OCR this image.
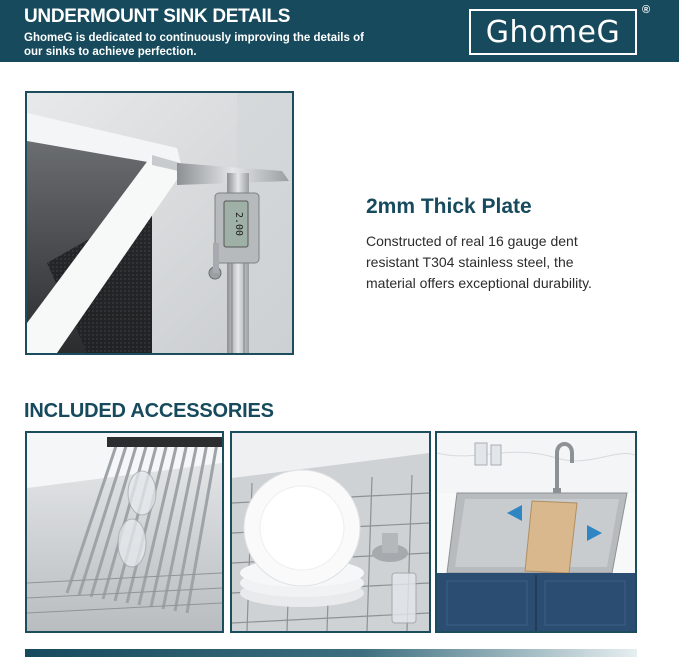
UNDERMOUNT SINK DETAILS
GhomeG is dedicated to continuously improving the details of our sinks to achieve perfection.
GhomeG
®
2.00
2mm Thick Plate
Constructed of real 16 gauge dent resistant T304 stainless steel, the material offers exceptional durability.
INCLUDED ACCESSORIES
